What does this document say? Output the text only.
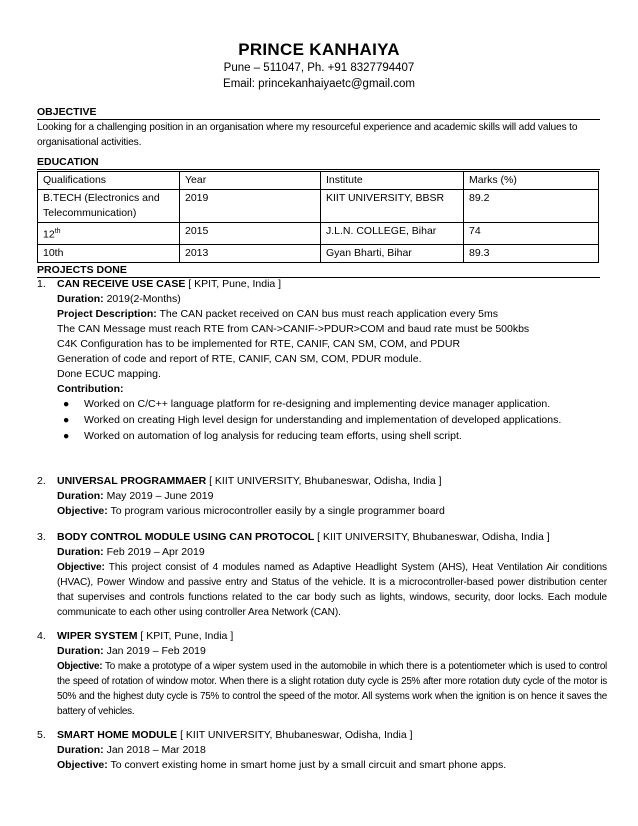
PRINCE KANHAIYA
Pune – 511047, Ph. +91 8327794407
Email: princekanhaiyaetc@gmail.com
OBJECTIVE
Looking for a challenging position in an organisation where my resourceful experience and academic skills will add values to organisational activities.
EDUCATION
Qualifications	Year	Institute	Marks (%)
B.TECH (Electronics and Telecommunication)	2019	KIIT UNIVERSITY, BBSR	89.2
12th	2015	J.L.N. COLLEGE, Bihar	74
10th	2013	Gyan Bharti, Bihar	89.3
PROJECTS DONE
1.	CAN RECEIVE USE CASE [ KPIT, Pune, India ]
Duration: 2019(2-Months)
Project Description: The CAN packet received on CAN bus must reach application every 5ms
The CAN Message must reach RTE from CAN->CANIF->PDUR>COM and baud rate must be 500kbs
C4K Configuration has to be implemented for RTE, CANIF, CAN SM, COM, and PDUR
Generation of code and report of RTE, CANIF, CAN SM, COM, PDUR module.
Done ECUC mapping.
Contribution:
● Worked on C/C++ language platform for re-designing and implementing device manager application.
● Worked on creating High level design for understanding and implementation of developed applications.
● Worked on automation of log analysis for reducing team efforts, using shell script.
2.	UNIVERSAL PROGRAMMAER [ KIIT UNIVERSITY, Bhubaneswar, Odisha, India ]
Duration: May 2019 – June 2019
Objective: To program various microcontroller easily by a single programmer board
3.	BODY CONTROL MODULE USING CAN PROTOCOL [ KIIT UNIVERSITY, Bhubaneswar, Odisha, India ]
Duration: Feb 2019 – Apr 2019
Objective: This project consist of 4 modules named as Adaptive Headlight System (AHS), Heat Ventilation Air conditions (HVAC), Power Window and passive entry and Status of the vehicle. It is a microcontroller-based power distribution center that supervises and controls functions related to the car body such as lights, windows, security, door locks. Each module communicate to each other using controller Area Network (CAN).
4.	WIPER SYSTEM [ KPIT, Pune, India ]
Duration: Jan 2019 – Feb 2019
Objective: To make a prototype of a wiper system used in the automobile in which there is a potentiometer which is used to control the speed of rotation of window motor. When there is a slight rotation duty cycle is 25% after more rotation duty cycle of the motor is 50% and the highest duty cycle is 75% to control the speed of the motor. All systems work when the ignition is on hence it saves the battery of vehicles.
5.	SMART HOME MODULE [ KIIT UNIVERSITY, Bhubaneswar, Odisha, India ]
Duration: Jan 2018 – Mar 2018
Objective: To convert existing home in smart home just by a small circuit and smart phone apps.
